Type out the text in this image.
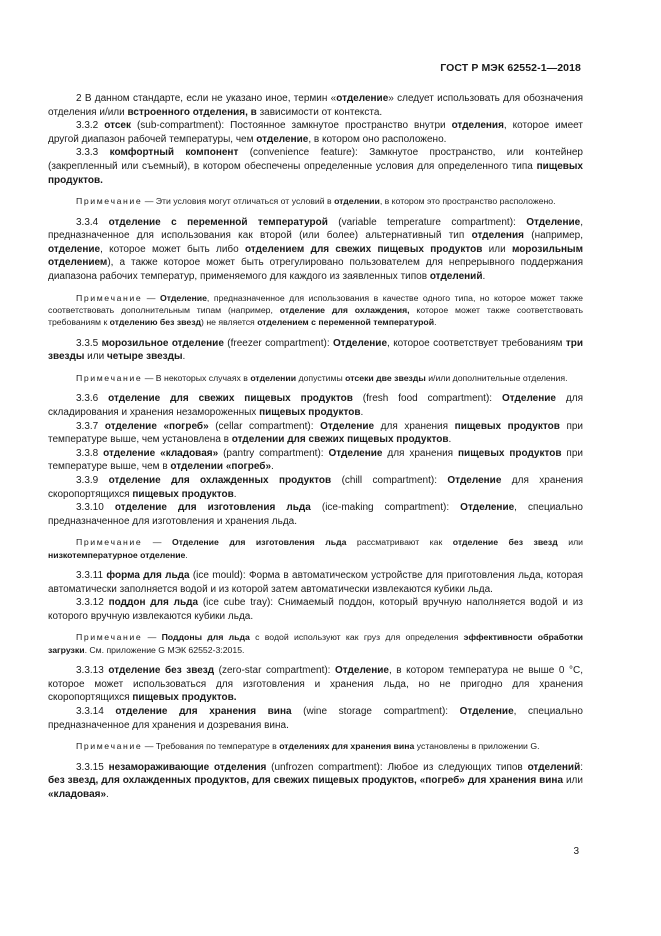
ГОСТ Р МЭК 62552-1—2018

2 В данном стандарте, если не указано иное, термин «отделение» следует использовать для обозначения отделения и/или встроенного отделения, в зависимости от контекста.

3.3.2 отсек (sub-compartment): Постоянное замкнутое пространство внутри отделения, которое имеет другой диапазон рабочей температуры, чем отделение, в котором оно расположено.

3.3.3 комфортный компонент (convenience feature): Замкнутое пространство, или контейнер (закрепленный или съемный), в котором обеспечены определенные условия для определенного типа пищевых продуктов.

Примечание — Эти условия могут отличаться от условий в отделении, в котором это пространство расположено.

3.3.4 отделение с переменной температурой (variable temperature compartment): Отделение, предназначенное для использования как второй (или более) альтернативный тип отделения (например, отделение, которое может быть либо отделением для свежих пищевых продуктов или морозильным отделением), а также которое может быть отрегулировано пользователем для непрерывного поддержания диапазона рабочих температур, применяемого для каждого из заявленных типов отделений.

Примечание — Отделение, предназначенное для использования в качестве одного типа, но которое может также соответствовать дополнительным типам (например, отделение для охлаждения, которое может также соответствовать требованиям к отделению без звезд) не является отделением с переменной температурой.

3.3.5 морозильное отделение (freezer compartment): Отделение, которое соответствует требованиям три звезды или четыре звезды.

Примечание — В некоторых случаях в отделении допустимы отсеки две звезды и/или дополнительные отделения.

3.3.6 отделение для свежих пищевых продуктов (fresh food compartment): Отделение для складирования и хранения незамороженных пищевых продуктов.

3.3.7 отделение «погреб» (cellar compartment): Отделение для хранения пищевых продуктов при температуре выше, чем установлена в отделении для свежих пищевых продуктов.

3.3.8 отделение «кладовая» (pantry compartment): Отделение для хранения пищевых продуктов при температуре выше, чем в отделении «погреб».

3.3.9 отделение для охлажденных продуктов (chill compartment): Отделение для хранения скоропортящихся пищевых продуктов.

3.3.10 отделение для изготовления льда (ice-making compartment): Отделение, специально предназначенное для изготовления и хранения льда.

Примечание — Отделение для изготовления льда рассматривают как отделение без звезд или низкотемпературное отделение.

3.3.11 форма для льда (ice mould): Форма в автоматическом устройстве для приготовления льда, которая автоматически заполняется водой и из которой затем автоматически извлекаются кубики льда.

3.3.12 поддон для льда (ice cube tray): Снимаемый поддон, который вручную наполняется водой и из которого вручную извлекаются кубики льда.

Примечание — Поддоны для льда с водой используют как груз для определения эффективности обработки загрузки. См. приложение G МЭК 62552-3:2015.

3.3.13 отделение без звезд (zero-star compartment): Отделение, в котором температура не выше 0 °С, которое может использоваться для изготовления и хранения льда, но не пригодно для хранения скоропортящихся пищевых продуктов.

3.3.14 отделение для хранения вина (wine storage compartment): Отделение, специально предназначенное для хранения и дозревания вина.

Примечание — Требования по температуре в отделениях для хранения вина установлены в приложении G.

3.3.15 незамораживающие отделения (unfrozen compartment): Любое из следующих типов отделений: без звезд, для охлажденных продуктов, для свежих пищевых продуктов, «погреб» для хранения вина или «кладовая».

3
